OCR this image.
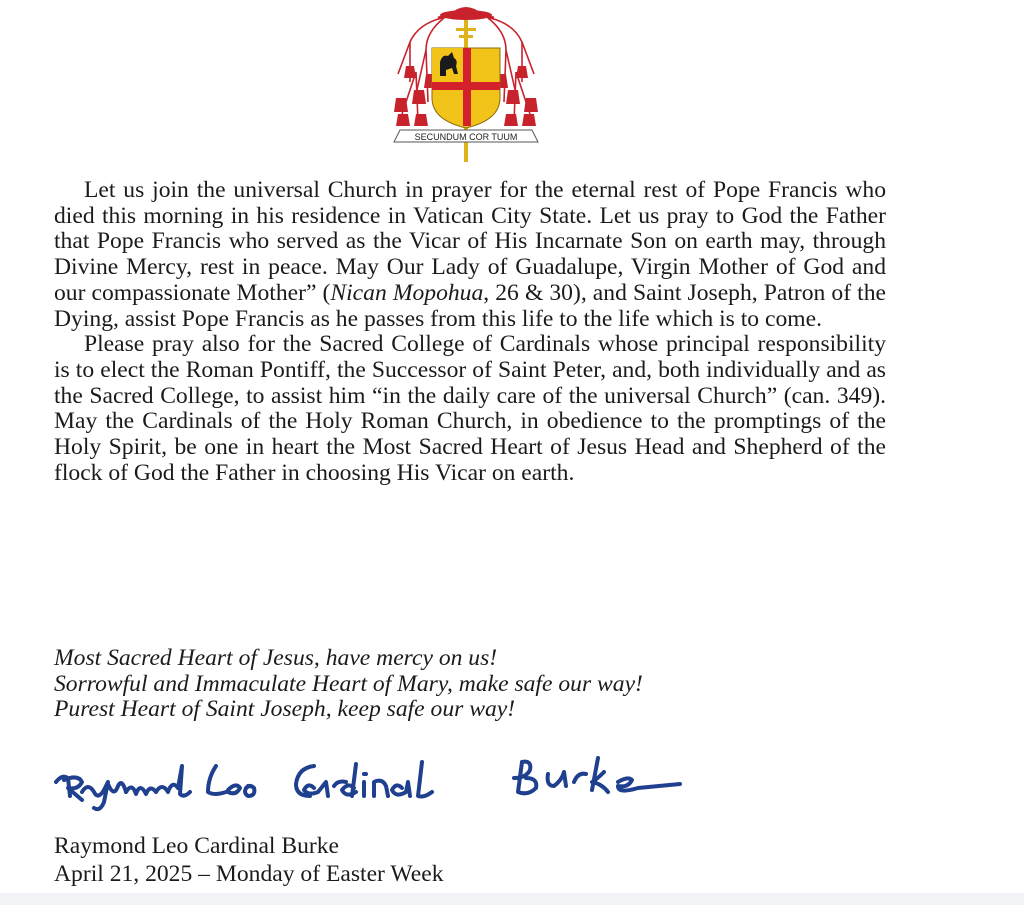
SECUNDUM COR TUUM

Let us join the universal Church in prayer for the eternal rest of Pope Francis who died this morning in his residence in Vatican City State. Let us pray to God the Father that Pope Francis who served as the Vicar of His Incarnate Son on earth may, through Divine Mercy, rest in peace. May Our Lady of Guadalupe, Virgin Mother of God and our compassionate Mother” (Nican Mopohua, 26 & 30), and Saint Joseph, Patron of the Dying, assist Pope Francis as he passes from this life to the life which is to come.

Please pray also for the Sacred College of Cardinals whose principal responsibility is to elect the Roman Pontiff, the Successor of Saint Peter, and, both individually and as the Sacred College, to assist him “in the daily care of the universal Church” (can. 349). May the Cardinals of the Holy Roman Church, in obedience to the promptings of the Holy Spirit, be one in heart the Most Sacred Heart of Jesus Head and Shepherd of the flock of God the Father in choosing His Vicar on earth.

Most Sacred Heart of Jesus, have mercy on us!
Sorrowful and Immaculate Heart of Mary, make safe our way!
Purest Heart of Saint Joseph, keep safe our way!
Raymond Leo Cardinal Burke
Raymond Leo Cardinal Burke
April 21, 2025 – Monday of Easter Week
